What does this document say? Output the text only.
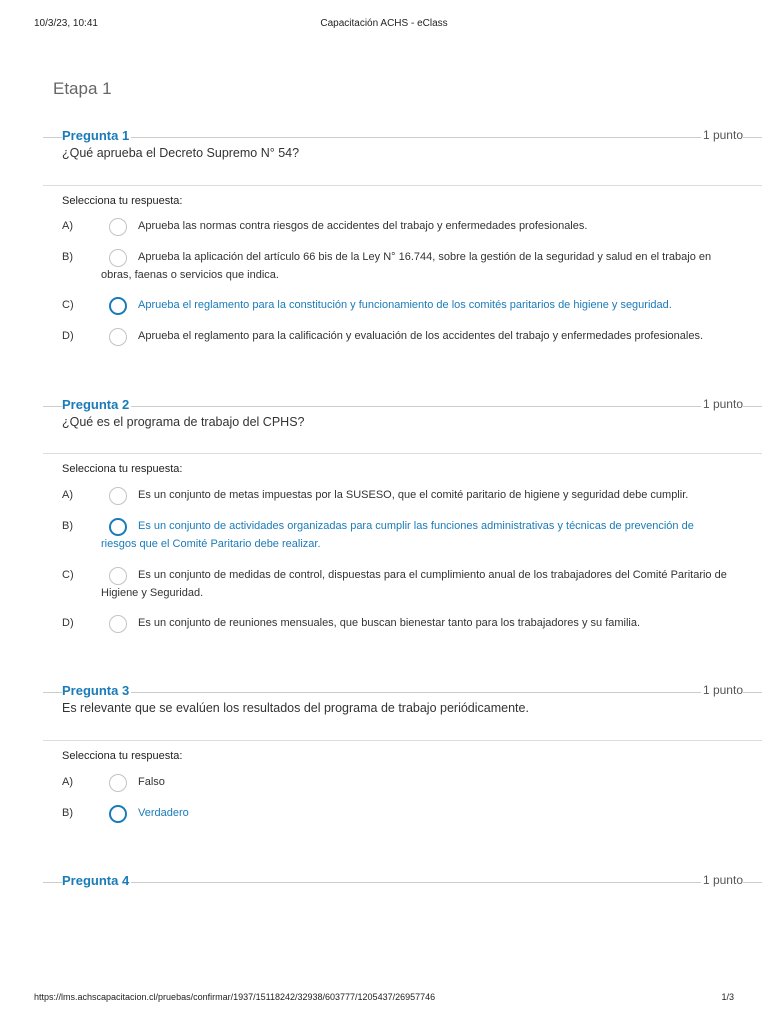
10/3/23, 10:41	Capacitación ACHS - eClass
Etapa 1
Pregunta 1	1 punto
¿Qué aprueba el Decreto Supremo N° 54?
Selecciona tu respuesta:
A)	Aprueba las normas contra riesgos de accidentes del trabajo y enfermedades profesionales.
B)	Aprueba la aplicación del artículo 66 bis de la Ley N° 16.744, sobre la gestión de la seguridad y salud en el trabajo en
obras, faenas o servicios que indica.
C)	Aprueba el reglamento para la constitución y funcionamiento de los comités paritarios de higiene y seguridad.
D)	Aprueba el reglamento para la calificación y evaluación de los accidentes del trabajo y enfermedades profesionales.
Pregunta 2	1 punto
¿Qué es el programa de trabajo del CPHS?
Selecciona tu respuesta:
A)	Es un conjunto de metas impuestas por la SUSESO, que el comité paritario de higiene y seguridad debe cumplir.
B)	Es un conjunto de actividades organizadas para cumplir las funciones administrativas y técnicas de prevención de
riesgos que el Comité Paritario debe realizar.
C)	Es un conjunto de medidas de control, dispuestas para el cumplimiento anual de los trabajadores del Comité Paritario de
Higiene y Seguridad.
D)	Es un conjunto de reuniones mensuales, que buscan bienestar tanto para los trabajadores y su familia.
Pregunta 3	1 punto
Es relevante que se evalúen los resultados del programa de trabajo periódicamente.
Selecciona tu respuesta:
A)	Falso
B)	Verdadero
Pregunta 4	1 punto
https://lms.achscapacitacion.cl/pruebas/confirmar/1937/15118242/32938/603777/1205437/26957746	1/3
